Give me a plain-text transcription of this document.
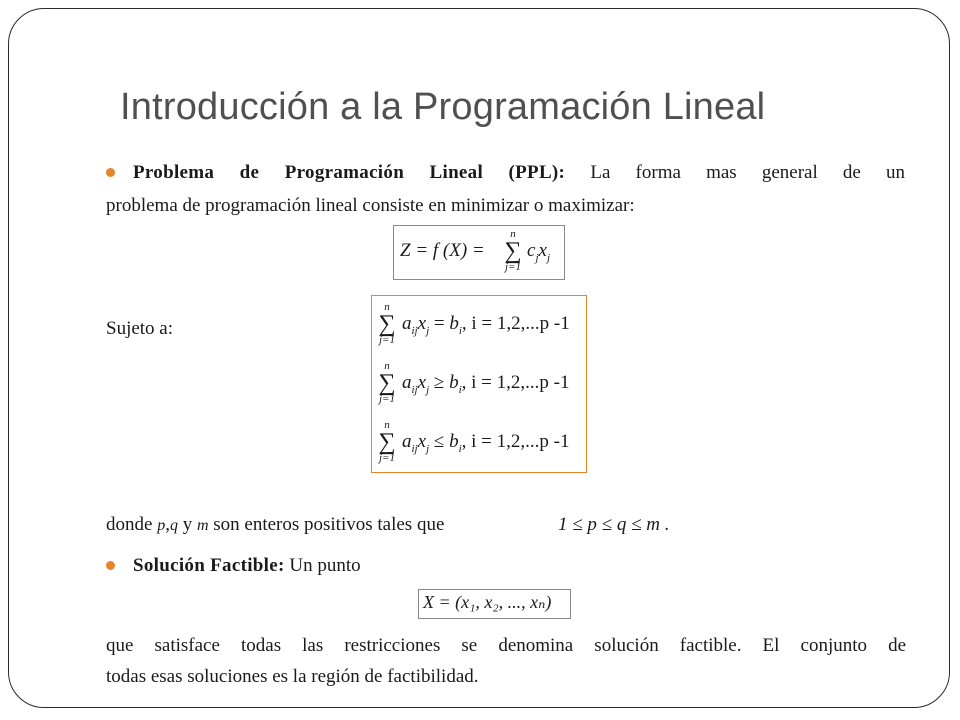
Introducción a la Programación Lineal
Problema de Programación Lineal (PPL): La forma mas general de un
problema de programación lineal consiste en minimizar o maximizar:
Z = f (X) =
n
∑
j=1
$c_jx_j$
Sujeto a:
n
∑
j=1
$a_{ij}x_j = b_i$, i = 1,2,...p -1
n
∑
j=1
$a_{ij}x_j \ge b_i$, i = 1,2,...p -1
n
∑
j=1
$a_{ij}x_j \le b_i$, i = 1,2,...p -1
donde p,q y m son enteros positivos tales que	1 ≤ p ≤ q ≤ m .
Solución Factible: Un punto
X = (x₁, x₂, ..., xₙ)
que satisface todas las restricciones se denomina solución factible. El conjunto de
todas esas soluciones es la región de factibilidad.
